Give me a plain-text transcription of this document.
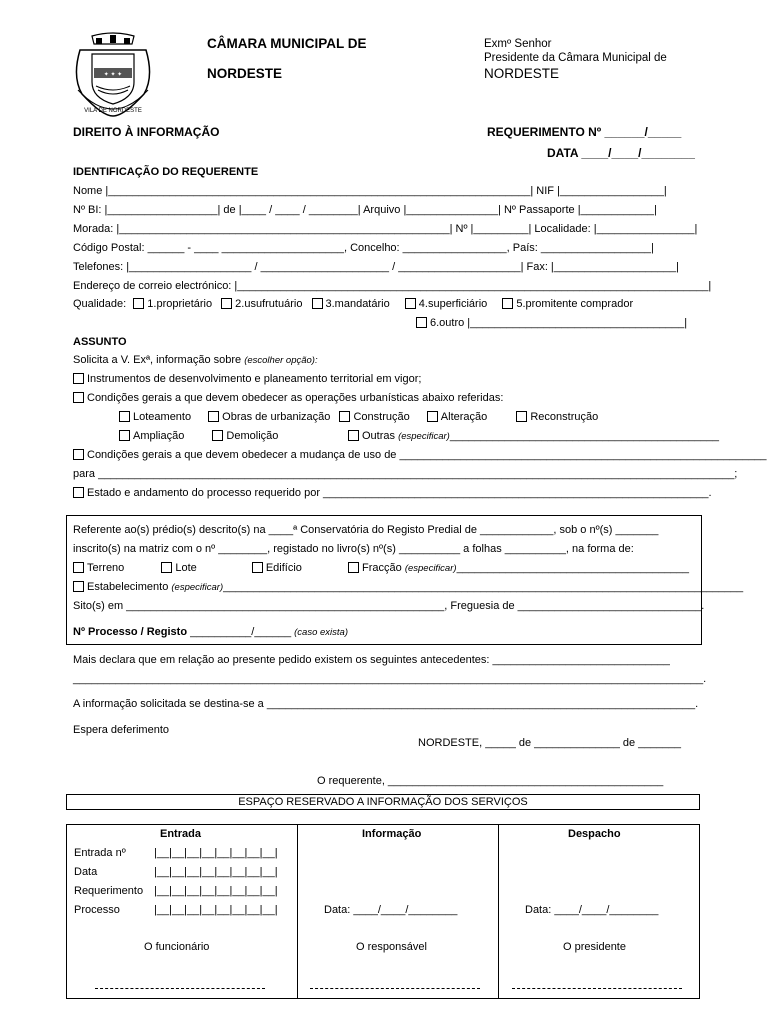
✦ ✦ ✦
VILA DE NORDESTE
CÂMARA MUNICIPAL DE
NORDESTE
Exmº Senhor
Presidente da Câmara Municipal de
NORDESTE
DIREITO À INFORMAÇÃO	REQUERIMENTO Nº ______/_____
DATA ____/____/________
IDENTIFICAÇÃO DO REQUERENTE
Nome |_____________________________________________________________________| NIF |_________________|
Nº BI: |__________________| de |____ / ____ / ________| Arquivo |_______________| Nº Passaporte |____________|
Morada: |______________________________________________________| Nº |_________| Localidade: |________________|
Código Postal: ______ - ____ ____________________, Concelho: _________________, País: __________________|
Telefones: |____________________ / _____________________ / ____________________| Fax: |____________________|
Endereço de correio electrónico: |_____________________________________________________________________________|
Qualidade: 1.proprietário 2.usufrutuário 3.mandatário	4.superficiário	5.promitente comprador
6.outro |___________________________________|
ASSUNTO
Solicita a V. Exª, informação sobre (escolher opção):
Instrumentos de desenvolvimento e planeamento territorial em vigor;
Condições gerais a que devem obedecer as operações urbanísticas abaixo referidas:
Loteamento	Obras de urbanização Construção	Alteração	Reconstrução
Ampliação	Demolição	Outras (especificar)____________________________________________
Condições gerais a que devem obedecer a mudança de uso de ____________________________________________________________
para ________________________________________________________________________________________________________;
Estado e andamento do processo requerido por _______________________________________________________________.
Referente ao(s) prédio(s) descrito(s) na ____ª Conservatória do Registo Predial de ____________, sob o nº(s) _______
inscrito(s) na matriz com o nº ________, registado no livro(s) nº(s) __________ a folhas __________, na forma de:
Terreno	Lote	Edifício	Fracção (especificar)______________________________________
Estabelecimento (especificar)_____________________________________________________________________________________
Sito(s) em ____________________________________________________, Freguesia de ______________________________.
Nº Processo / Registo __________/______ (caso exista)
Mais declara que em relação ao presente pedido existem os seguintes antecedentes: _____________________________
_______________________________________________________________________________________________________.
A informação solicitada se destina-se a ______________________________________________________________________.
Espera deferimento
NORDESTE, _____ de ______________ de _______
O requerente, _____________________________________________
ESPAÇO RESERVADO A INFORMAÇÃO DOS SERVIÇOS
Entrada	Informação	Despacho
Entrada nº	|__|__|__|__|__|__|__|__|
Data	|__|__|__|__|__|__|__|__|
Requerimento |__|__|__|__|__|__|__|__|
Processo	|__|__|__|__|__|__|__|__|	Data: ____/____/________	Data: ____/____/________
O funcionário	O responsável	O presidente
